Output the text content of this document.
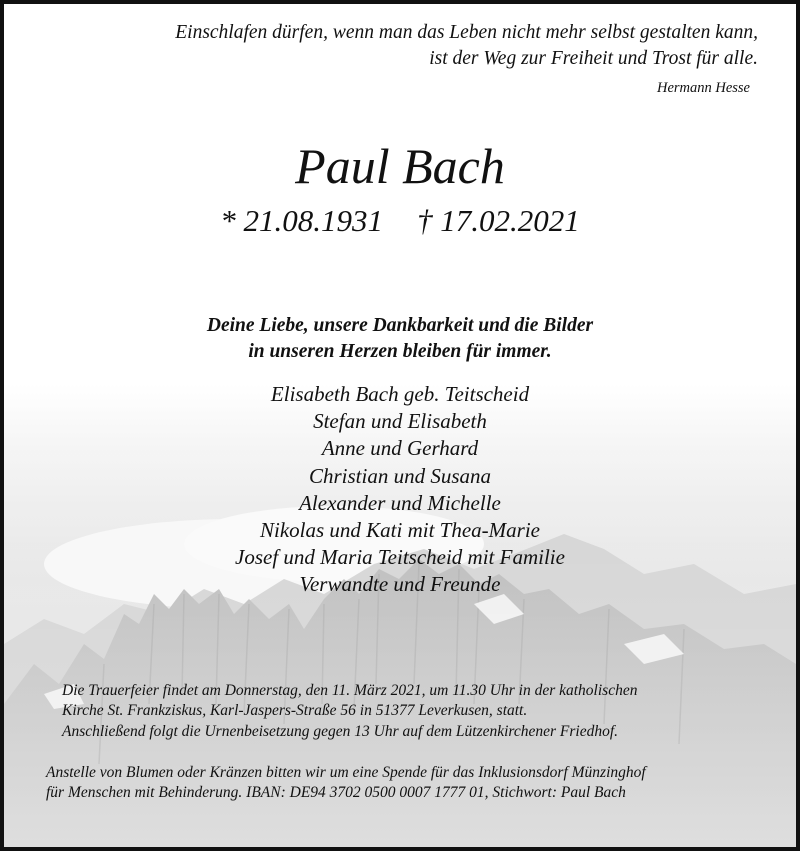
Einschlafen dürfen, wenn man das Leben nicht mehr selbst gestalten kann,
ist der Weg zur Freiheit und Trost für alle.
Hermann Hesse
Paul Bach
* 21.08.1931 † 17.02.2021
Deine Liebe, unsere Dankbarkeit und die Bilder
in unseren Herzen bleiben für immer.
Elisabeth Bach geb. Teitscheid
Stefan und Elisabeth
Anne und Gerhard
Christian und Susana
Alexander und Michelle
Nikolas und Kati mit Thea-Marie
Josef und Maria Teitscheid mit Familie
Verwandte und Freunde
Die Trauerfeier findet am Donnerstag, den 11. März 2021, um 11.30 Uhr in der katholischen
Kirche St. Frankziskus, Karl-Jaspers-Straße 56 in 51377 Leverkusen, statt.
Anschließend folgt die Urnenbeisetzung gegen 13 Uhr auf dem Lützenkirchener Friedhof.
Anstelle von Blumen oder Kränzen bitten wir um eine Spende für das Inklusionsdorf Münzinghof
für Menschen mit Behinderung. IBAN: DE94 3702 0500 0007 1777 01, Stichwort: Paul Bach
